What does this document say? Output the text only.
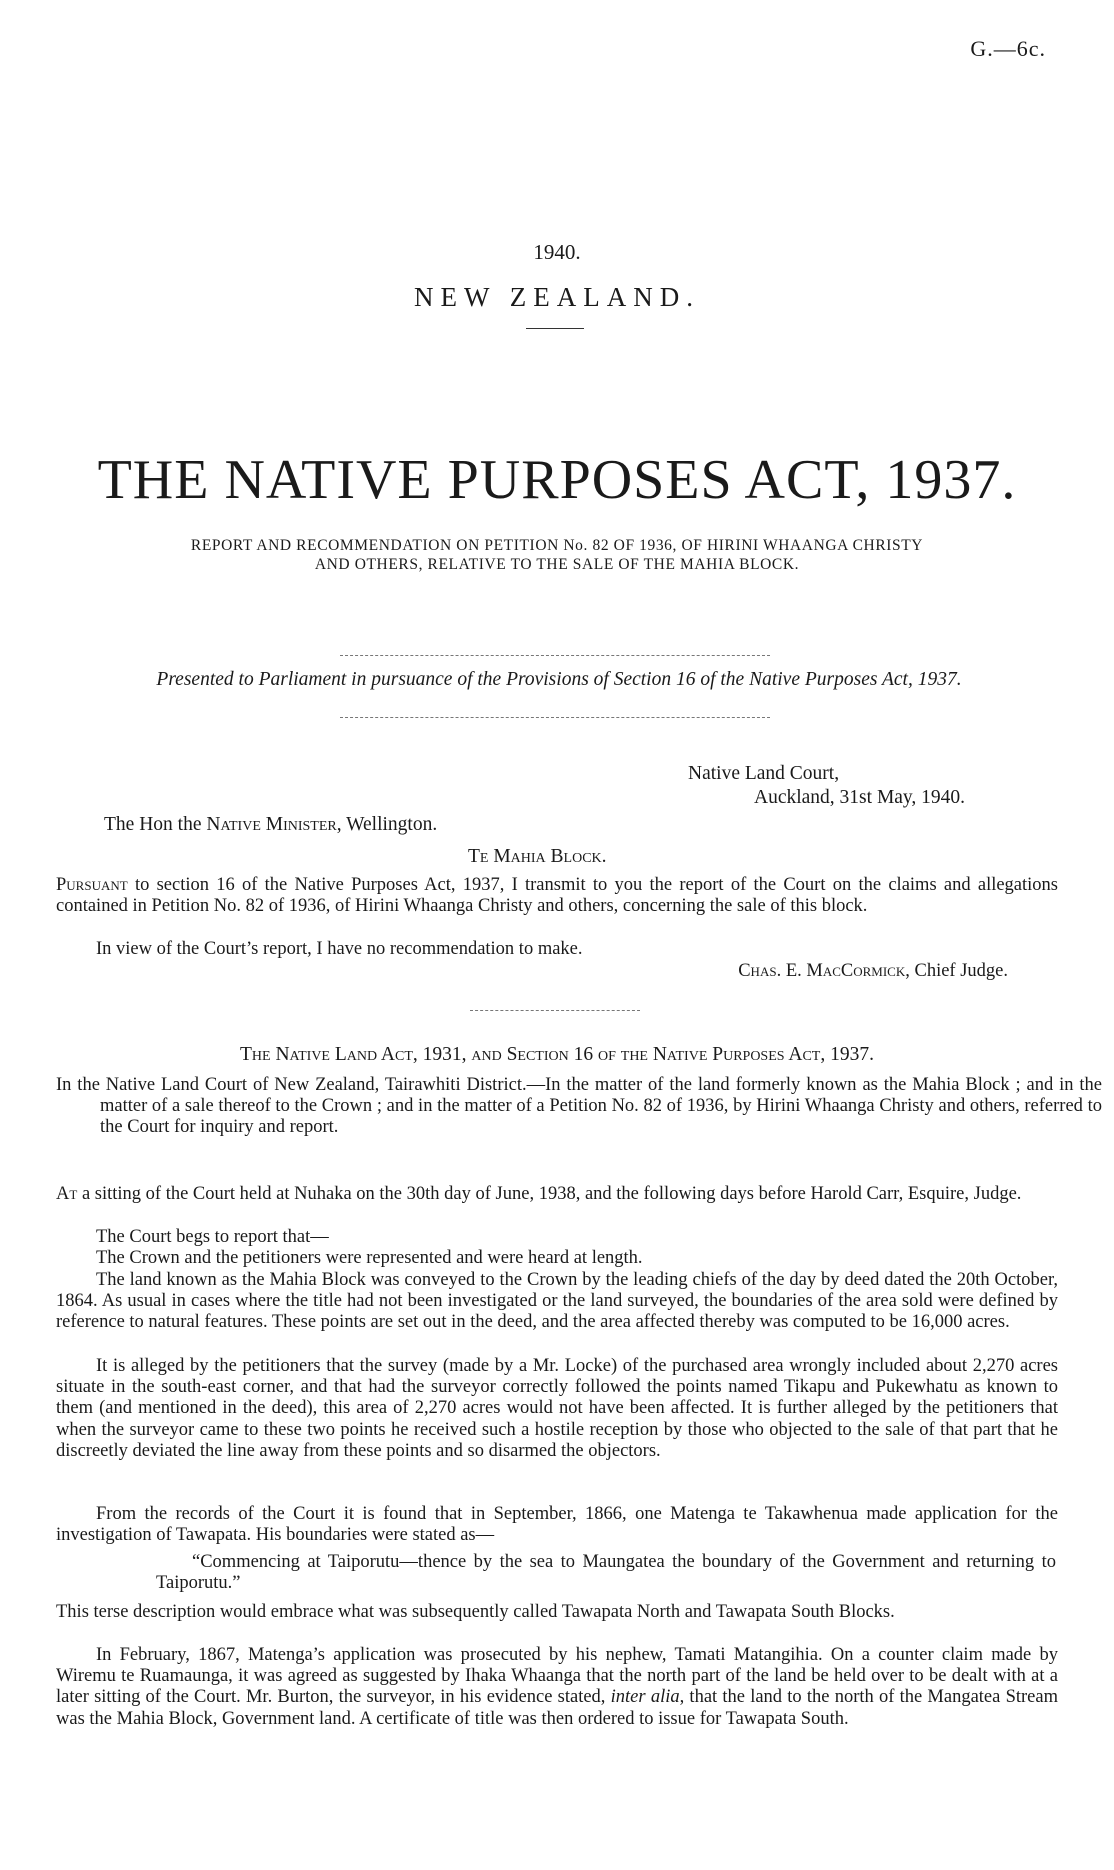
G.—6c.
1940.
NEW ZEALAND.
THE NATIVE PURPOSES ACT, 1937.
REPORT AND RECOMMENDATION ON PETITION No. 82 OF 1936, OF HIRINI WHAANGA CHRISTY
AND OTHERS, RELATIVE TO THE SALE OF THE MAHIA BLOCK.
Presented to Parliament in pursuance of the Provisions of Section 16 of the Native Purposes Act, 1937.
Native Land Court,
Auckland, 31st May, 1940.
The Hon the Native Minister, Wellington.
Te Mahia Block.
Pursuant to section 16 of the Native Purposes Act, 1937, I transmit to you the report of the Court on the claims and allegations contained in Petition No. 82 of 1936, of Hirini Whaanga Christy and others, concerning the sale of this block.
In view of the Court’s report, I have no recommendation to make.
Chas. E. MacCormick, Chief Judge.
The Native Land Act, 1931, and Section 16 of the Native Purposes Act, 1937.
In the Native Land Court of New Zealand, Tairawhiti District.—In the matter of the land formerly known as the Mahia Block ; and in the matter of a sale thereof to the Crown ; and in the matter of a Petition No. 82 of 1936, by Hirini Whaanga Christy and others, referred to the Court for inquiry and report.
At a sitting of the Court held at Nuhaka on the 30th day of June, 1938, and the following days before Harold Carr, Esquire, Judge.
The Court begs to report that—
The Crown and the petitioners were represented and were heard at length.
The land known as the Mahia Block was conveyed to the Crown by the leading chiefs of the day by deed dated the 20th October, 1864. As usual in cases where the title had not been investigated or the land surveyed, the boundaries of the area sold were defined by reference to natural features. These points are set out in the deed, and the area affected thereby was computed to be 16,000 acres.
It is alleged by the petitioners that the survey (made by a Mr. Locke) of the purchased area wrongly included about 2,270 acres situate in the south-east corner, and that had the surveyor correctly followed the points named Tikapu and Pukewhatu as known to them (and mentioned in the deed), this area of 2,270 acres would not have been affected. It is further alleged by the petitioners that when the surveyor came to these two points he received such a hostile reception by those who objected to the sale of that part that he discreetly deviated the line away from these points and so disarmed the objectors.
From the records of the Court it is found that in September, 1866, one Matenga te Takawhenua made application for the investigation of Tawapata. His boundaries were stated as—
“Commencing at Taiporutu—thence by the sea to Maungatea the boundary of the Government and returning to Taiporutu.”
This terse description would embrace what was subsequently called Tawapata North and Tawapata South Blocks.
In February, 1867, Matenga’s application was prosecuted by his nephew, Tamati Matangihia. On a counter claim made by Wiremu te Ruamaunga, it was agreed as suggested by Ihaka Whaanga that the north part of the land be held over to be dealt with at a later sitting of the Court. Mr. Burton, the surveyor, in his evidence stated, inter alia, that the land to the north of the Mangatea Stream was the Mahia Block, Government land. A certificate of title was then ordered to issue for Tawapata South.
